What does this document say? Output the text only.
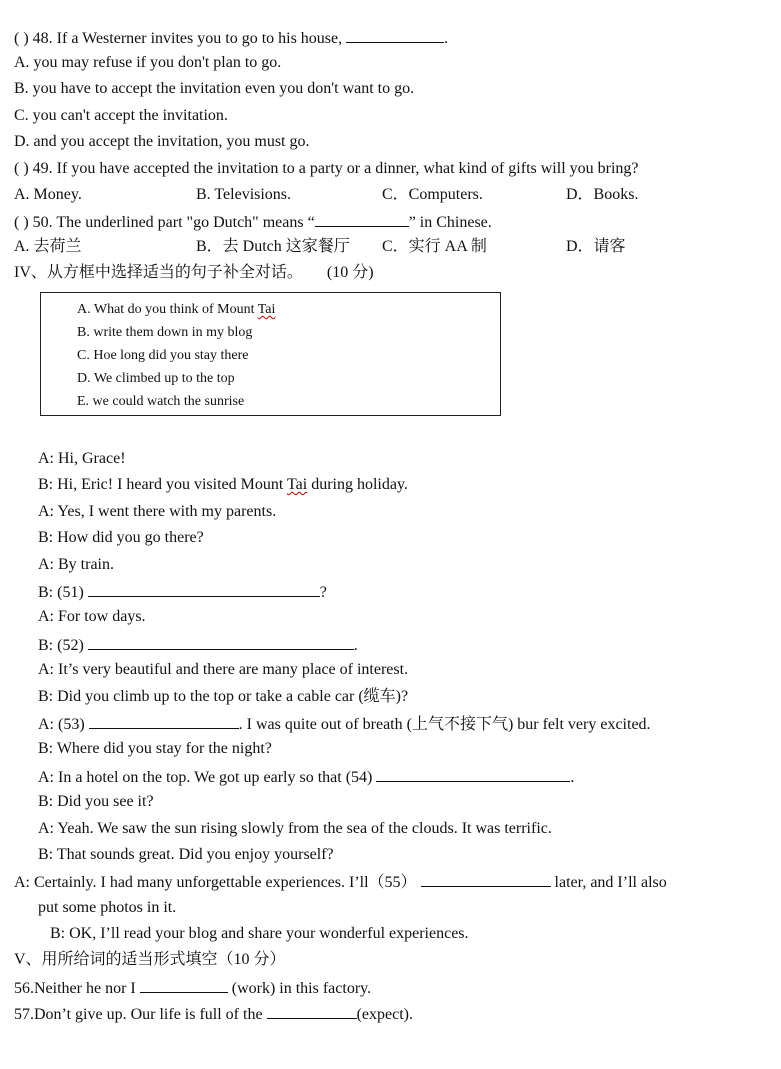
( ) 48. If a Westerner invites you to go to his house,	.
A. you may refuse if you don't plan to go.
B. you have to accept the invitation even you don't want to go.
C. you can't accept the invitation.
D. and you accept the invitation, you must go.
( ) 49. If you have accepted the invitation to a party or a dinner, what kind of gifts will you bring?
A. Money.	B. Televisions.	C．Computers.	D．Books.
( ) 50. The underlined part "go Dutch" means “	” in Chinese.
A. 去荷兰	B．去 Dutch 这家餐厅 C．实行 AA 制	D．请客
IV、从方框中选择适当的句子补全对话。 (10 分)
A. What do you think of Mount Tai
B. write them down in my blog
C. Hoe long did you stay there
D. We climbed up to the top
E. we could watch the sunrise
A: Hi, Grace!
B: Hi, Eric! I heard you visited Mount Tai during holiday.
A: Yes, I went there with my parents.
B: How did you go there?
A: By train.
B: (51)	?
A: For tow days.
B: (52)	.
A: It’s very beautiful and there are many place of interest.
B: Did you climb up to the top or take a cable car (缆车)?
A: (53)	. I was quite out of breath (上气不接下气) bur felt very excited.
B: Where did you stay for the night?
A: In a hotel on the top. We got up early so that (54)	.
B: Did you see it?
A: Yeah. We saw the sun rising slowly from the sea of the clouds. It was terrific.
B: That sounds great. Did you enjoy yourself?
A: Certainly. I had many unforgettable experiences. I’ll（55）	later, and I’ll also
put some photos in it.
B: OK, I’ll read your blog and share your wonderful experiences.
V、用所给词的适当形式填空（10 分）
56.Neither he nor I	(work) in this factory.
57.Don’t give up. Our life is full of the	(expect).
